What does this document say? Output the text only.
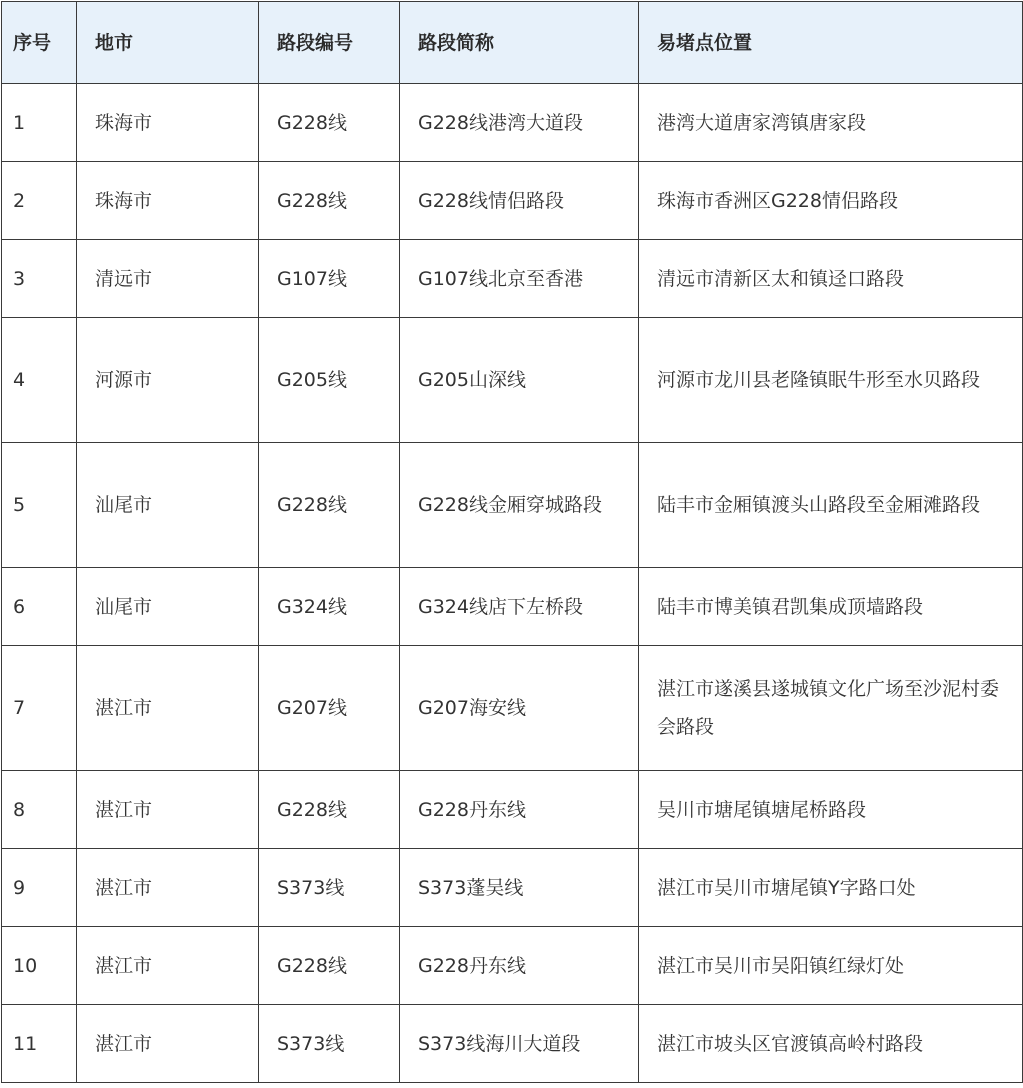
序号	地市	路段编号	路段简称	易堵点位置
1	珠海市	G228线	G228线港湾大道段	港湾大道唐家湾镇唐家段
2	珠海市	G228线	G228线情侣路段	珠海市香洲区G228情侣路段
3	清远市	G107线	G107线北京至香港	清远市清新区太和镇迳口路段
4	河源市	G205线	G205山深线	河源市龙川县老隆镇眠牛形至水贝路段
5	汕尾市	G228线	G228线金厢穿城路段	陆丰市金厢镇渡头山路段至金厢滩路段
6	汕尾市	G324线	G324线店下左桥段	陆丰市博美镇君凯集成顶墙路段
7	湛江市	G207线	G207海安线	湛江市遂溪县遂城镇文化广场至沙泥村委会路段
8	湛江市	G228线	G228丹东线	吴川市塘尾镇塘尾桥路段
9	湛江市	S373线	S373蓬吴线	湛江市吴川市塘尾镇Y字路口处
10	湛江市	G228线	G228丹东线	湛江市吴川市吴阳镇红绿灯处
11	湛江市	S373线	S373线海川大道段	湛江市坡头区官渡镇高岭村路段
